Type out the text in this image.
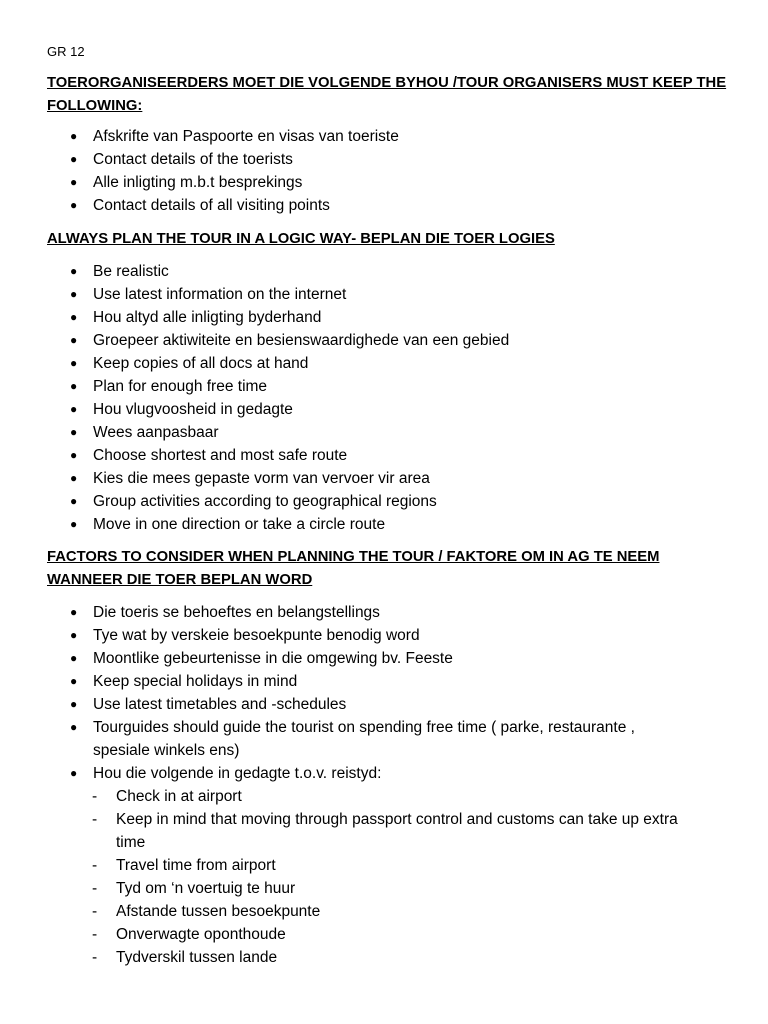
GR 12
TOERORGANISEERDERS MOET DIE VOLGENDE BYHOU /TOUR ORGANISERS MUST KEEP THE FOLLOWING:
● Afskrifte van Paspoorte en visas van toeriste
● Contact details of the toerists
● Alle inligting m.b.t besprekings
● Contact details of all visiting points
ALWAYS PLAN THE TOUR IN A LOGIC WAY- BEPLAN DIE TOER LOGIES
● Be realistic
● Use latest information on the internet
● Hou altyd alle inligting byderhand
● Groepeer aktiwiteite en besienswaardighede van een gebied
● Keep copies of all docs at hand
● Plan for enough free time
● Hou vlugvoosheid in gedagte
● Wees aanpasbaar
● Choose shortest and most safe route
● Kies die mees gepaste vorm van vervoer vir area
● Group activities according to geographical regions
● Move in one direction or take a circle route
FACTORS TO CONSIDER WHEN PLANNING THE TOUR / FAKTORE OM IN AG TE NEEM WANNEER DIE TOER BEPLAN WORD
● Die toeris se behoeftes en belangstellings
● Tye wat by verskeie besoekpunte benodig word
● Moontlike gebeurtenisse in die omgewing bv. Feeste
● Keep special holidays in mind
● Use latest timetables and -schedules
● Tourguides should guide the tourist on spending free time ( parke, restaurante , spesiale winkels ens)
● Hou die volgende in gedagte t.o.v. reistyd:
- Check in at airport
- Keep in mind that moving through passport control and customs can take up extra time
- Travel time from airport
- Tyd om ‘n voertuig te huur
- Afstande tussen besoekpunte
- Onverwagte oponthoude
- Tydverskil tussen lande
